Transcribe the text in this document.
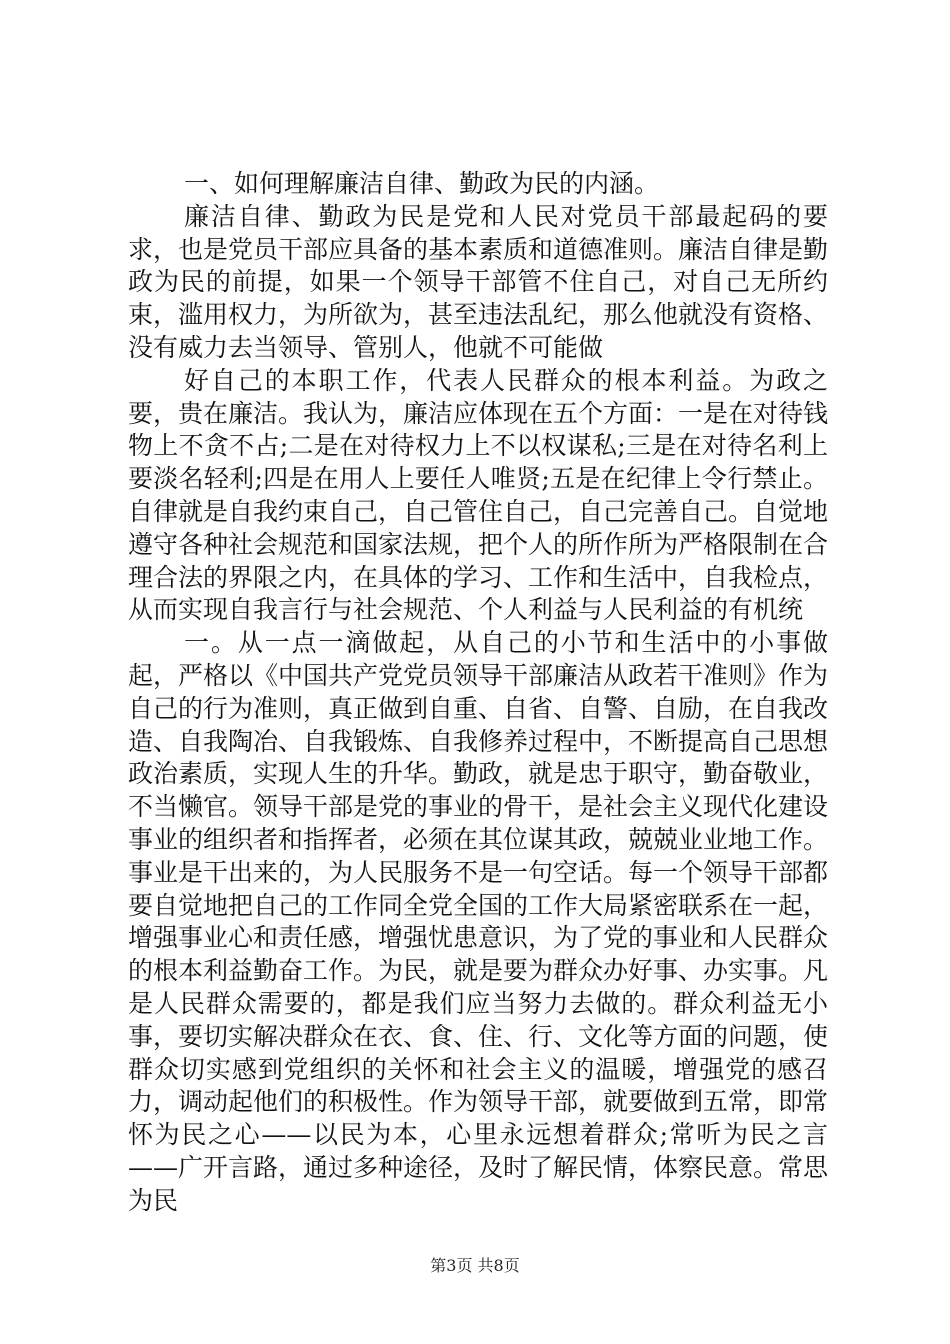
一、如何理解廉洁自律、勤政为民的内涵。

廉洁自律、勤政为民是党和人民对党员干部最起码的要求，也是党员干部应具备的基本素质和道德准则。廉洁自律是勤政为民的前提，如果一个领导干部管不住自己，对自己无所约束，滥用权力，为所欲为，甚至违法乱纪，那么他就没有资格、没有威力去当领导、管别人，他就不可能做

好自己的本职工作，代表人民群众的根本利益。为政之要，贵在廉洁。我认为，廉洁应体现在五个方面：一是在对待钱物上不贪不占;二是在对待权力上不以权谋私;三是在对待名利上要淡名轻利;四是在用人上要任人唯贤;五是在纪律上令行禁止。自律就是自我约束自己，自己管住自己，自己完善自己。自觉地遵守各种社会规范和国家法规，把个人的所作所为严格限制在合理合法的界限之内，在具体的学习、工作和生活中，自我检点，从而实现自我言行与社会规范、个人利益与人民利益的有机统

一。从一点一滴做起，从自己的小节和生活中的小事做起，严格以《中国共产党党员领导干部廉洁从政若干准则》作为自己的行为准则，真正做到自重、自省、自警、自励，在自我改造、自我陶冶、自我锻炼、自我修养过程中，不断提高自己思想政治素质，实现人生的升华。勤政，就是忠于职守，勤奋敬业，不当懒官。领导干部是党的事业的骨干，是社会主义现代化建设事业的组织者和指挥者，必须在其位谋其政，兢兢业业地工作。事业是干出来的，为人民服务不是一句空话。每一个领导干部都要自觉地把自己的工作同全党全国的工作大局紧密联系在一起，增强事业心和责任感，增强忧患意识，为了党的事业和人民群众的根本利益勤奋工作。为民，就是要为群众办好事、办实事。凡是人民群众需要的，都是我们应当努力去做的。群众利益无小事，要切实解决群众在衣、食、住、行、文化等方面的问题，使群众切实感到党组织的关怀和社会主义的温暖，增强党的感召力，调动起他们的积极性。作为领导干部，就要做到五常，即常怀为民之心——以民为本，心里永远想着群众;常听为民之言——广开言路，通过多种途径，及时了解民情，体察民意。常思为民

第3页 共8页
